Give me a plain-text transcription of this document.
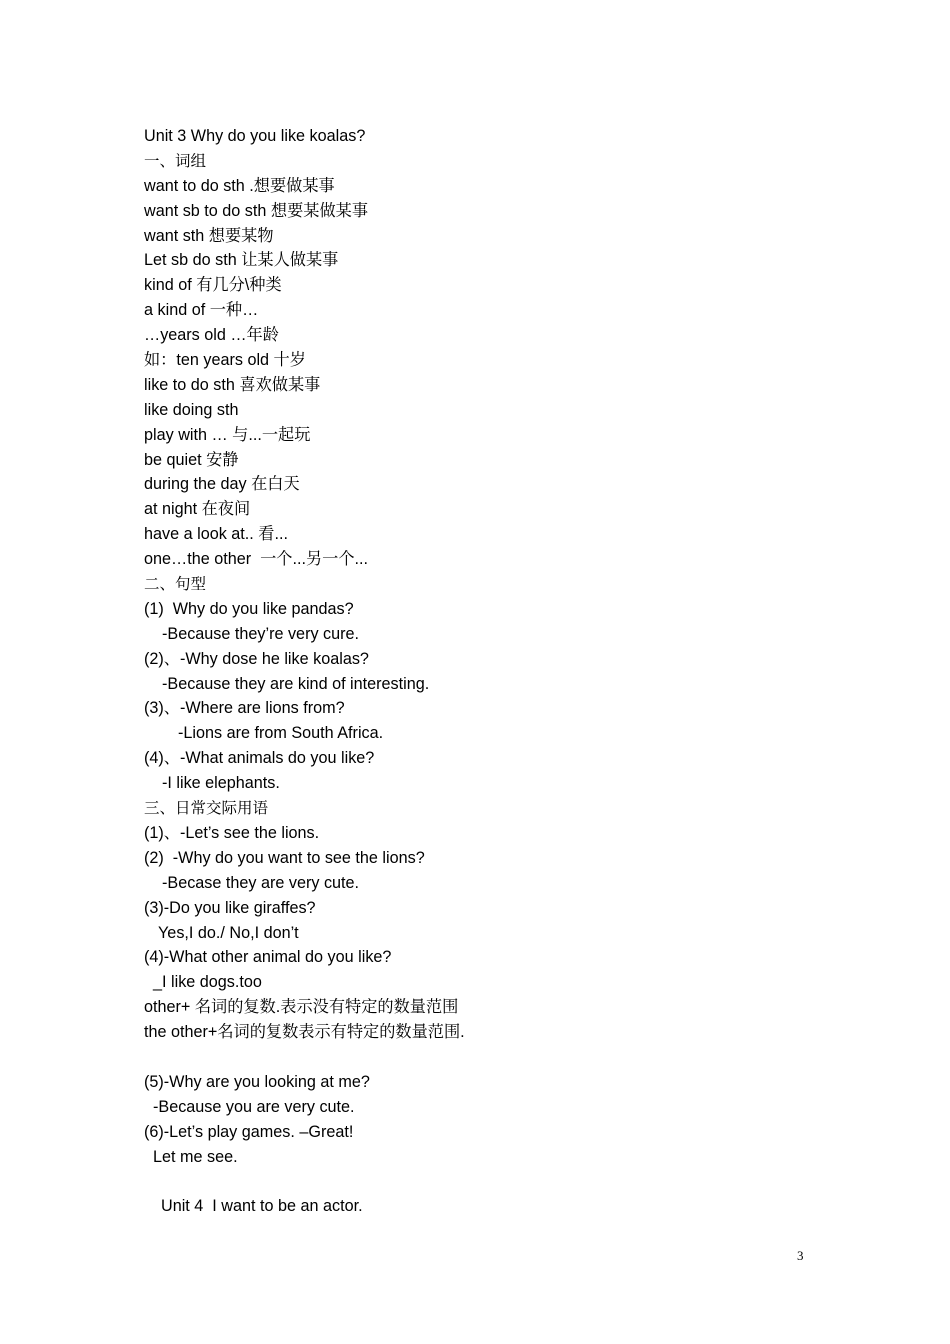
Unit 3 Why do you like koalas?
一、词组
want to do sth .想要做某事
want sb to do sth 想要某做某事
want sth 想要某物
Let sb do sth 让某人做某事
kind of 有几分\种类
a kind of 一种…
…years old …年龄
如：ten years old 十岁
like to do sth 喜欢做某事
like doing sth
play with … 与...一起玩
be quiet 安静
during the day 在白天
at night 在夜间
have a look at.. 看...
one…the other  一个...另一个...
二、句型
(1)  Why do you like pandas?
-Because they’re very cure.
(2)、-Why dose he like koalas?
-Because they are kind of interesting.
(3)、-Where are lions from?
-Lions are from South Africa.
(4)、-What animals do you like?
-I like elephants.
三、日常交际用语
(1)、-Let’s see the lions.
(2)  -Why do you want to see the lions?
-Becase they are very cute.
(3)-Do you like giraffes?
Yes,I do./ No,I don’t
(4)-What other animal do you like?
_I like dogs.too
other+ 名词的复数.表示没有特定的数量范围
the other+名词的复数表示有特定的数量范围.
(5)-Why are you looking at me?
-Because you are very cute.
(6)-Let’s play games. –Great!
Let me see.
Unit 4  I want to be an actor.
3
